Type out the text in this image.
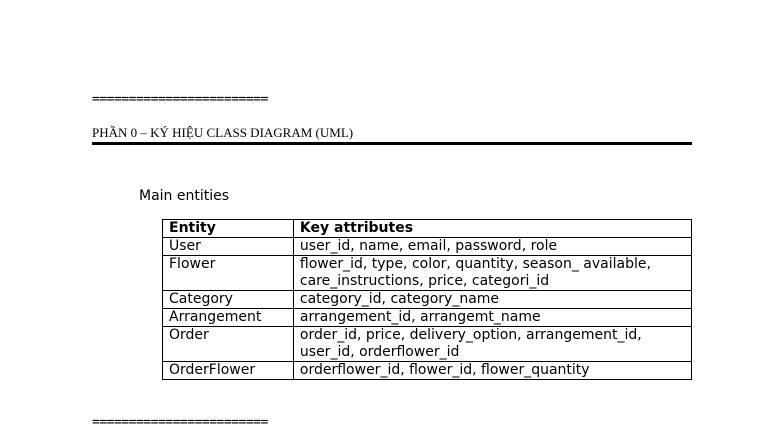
========================
PHẦN 0 – KÝ HIỆU CLASS DIAGRAM (UML)
Main entities
Entity	Key attributes
User	user_id, name, email, password, role
Flower	flower_id, type, color, quantity, season_ available, care_instructions, price, categori_id
Category	category_id, category_name
Arrangement	arrangement_id, arrangemt_name
Order	order_id, price, delivery_option, arrangement_id, user_id, orderflower_id
OrderFlower	orderflower_id, flower_id, flower_quantity
========================
